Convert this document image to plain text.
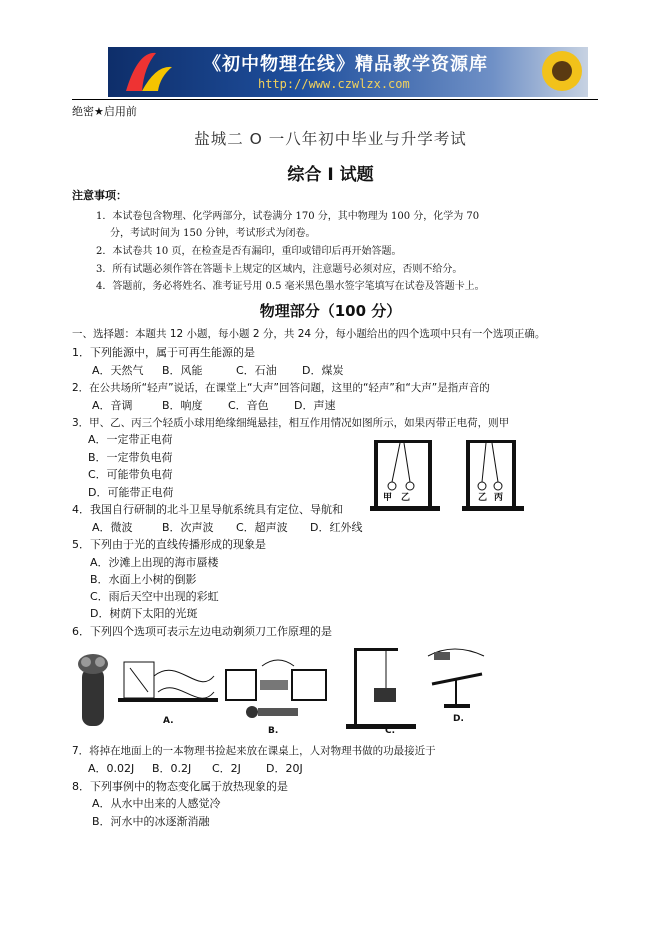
《初中物理在线》精品教学资源库
http://www.czwlzx.com
绝密★启用前
盐城二 O 一八年初中毕业与升学考试
综合 I 试题
注意事项：
1．本试卷包含物理、化学两部分，试卷满分 170 分，其中物理为 100 分，化学为 70
分，考试时间为 150 分钟，考试形式为闭卷。
2．本试卷共 10 页，在检查是否有漏印，重印或错印后再开始答题。
3．所有试题必须作答在答题卡上规定的区域内，注意题号必须对应，否则不给分。
4．答题前，务必将姓名、准考证号用 0.5 毫米黑色墨水签字笔填写在试卷及答题卡上。
物理部分（100 分）
一、选择题：本题共 12 小题，每小题 2 分，共 24 分，每小题给出的四个选项中只有一个选项正确。
1．下列能源中，属于可再生能源的是
A．天然气 B．风能	C．石油 D．煤炭
2．在公共场所“轻声”说话，在课堂上“大声”回答问题，这里的“轻声”和“大声”是指声音的
A．音调	B．响度 C．音色 D．声速
3．甲、乙、丙三个轻质小球用绝缘细绳悬挂，相互作用情况如图所示，如果丙带正电荷，则甲
A．一定带正电荷
B．一定带负电荷
C．可能带负电荷
D．可能带正电荷	甲 乙	乙 丙
4．我国自行研制的北斗卫星导航系统具有定位、导航和
A．微波	B．次声波 C．超声波 D．红外线
5．下列由于光的直线传播形成的现象是
A．沙滩上出现的海市蜃楼
B．水面上小树的倒影
C．雨后天空中出现的彩虹
D．树荫下太阳的光斑
6．下列四个选项可表示左边电动剃须刀工作原理的是
A.
B.	C.
D.
7．将掉在地面上的一本物理书捡起来放在课桌上，人对物理书做的功最接近于
A．0.02J B．0.2J C．2J D．20J
8．下列事例中的物态变化属于放热现象的是
A．从水中出来的人感觉冷
B．河水中的冰逐渐消融
